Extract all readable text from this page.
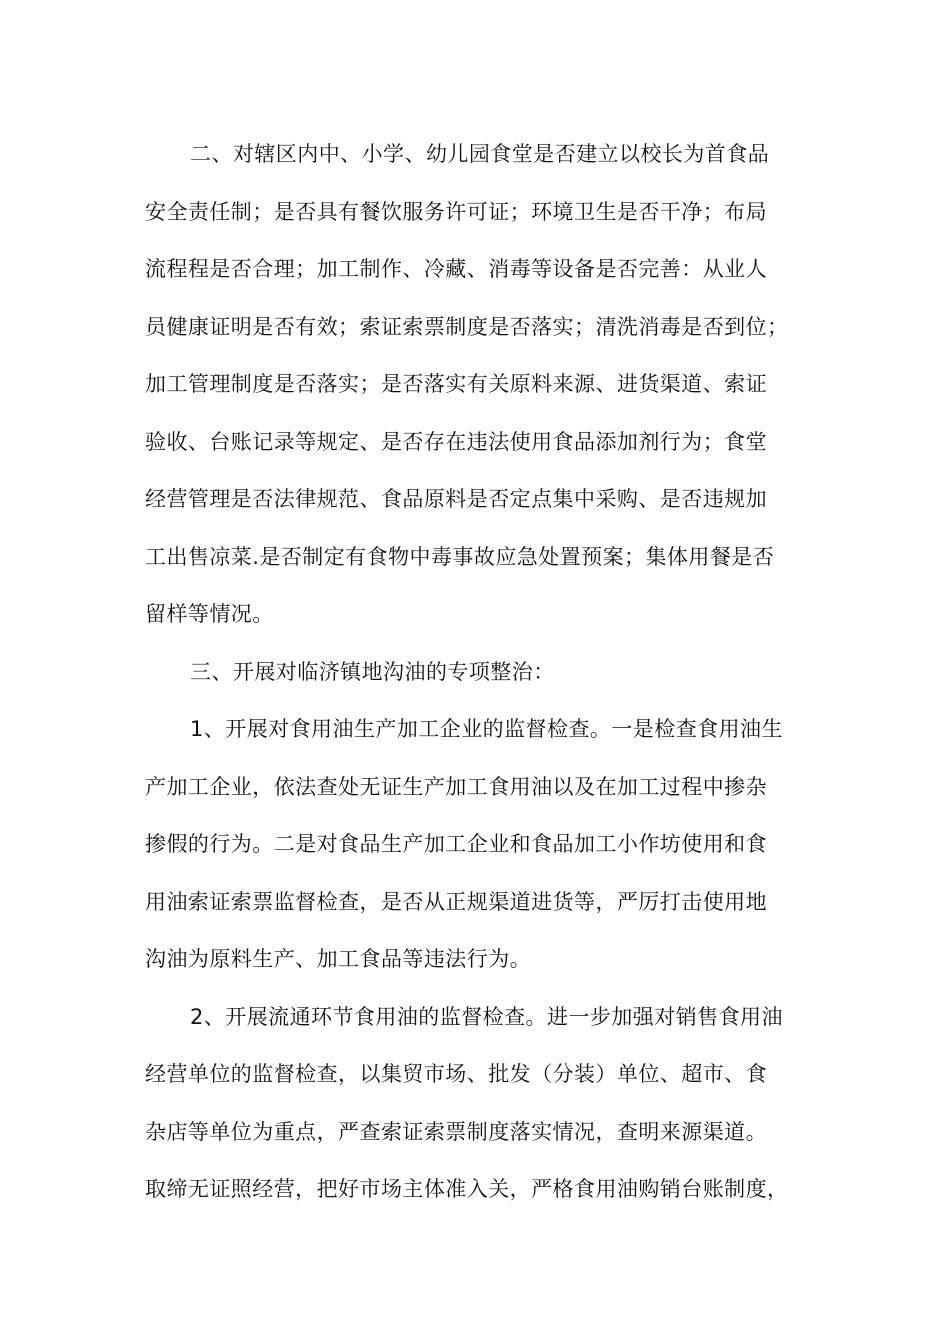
二、对辖区内中、小学、幼儿园食堂是否建立以校长为首食品
安全责任制；是否具有餐饮服务许可证；环境卫生是否干净；布局
流程程是否合理；加工制作、冷藏、消毒等设备是否完善：从业人
员健康证明是否有效；索证索票制度是否落实；清洗消毒是否到位；
加工管理制度是否落实；是否落实有关原料来源、进货渠道、索证
验收、台账记录等规定、是否存在违法使用食品添加剂行为；食堂
经营管理是否法律规范、食品原料是否定点集中采购、是否违规加
工出售凉菜.是否制定有食物中毒事故应急处置预案；集体用餐是否
留样等情况。
三、开展对临济镇地沟油的专项整治：
1、开展对食用油生产加工企业的监督检查。一是检查食用油生
产加工企业，依法查处无证生产加工食用油以及在加工过程中掺杂
掺假的行为。二是对食品生产加工企业和食品加工小作坊使用和食
用油索证索票监督检查，是否从正规渠道进货等，严厉打击使用地
沟油为原料生产、加工食品等违法行为。
2、开展流通环节食用油的监督检查。进一步加强对销售食用油
经营单位的监督检查，以集贸市场、批发（分装）单位、超市、食
杂店等单位为重点，严查索证索票制度落实情况，查明来源渠道。
取缔无证照经营，把好市场主体准入关，严格食用油购销台账制度，
